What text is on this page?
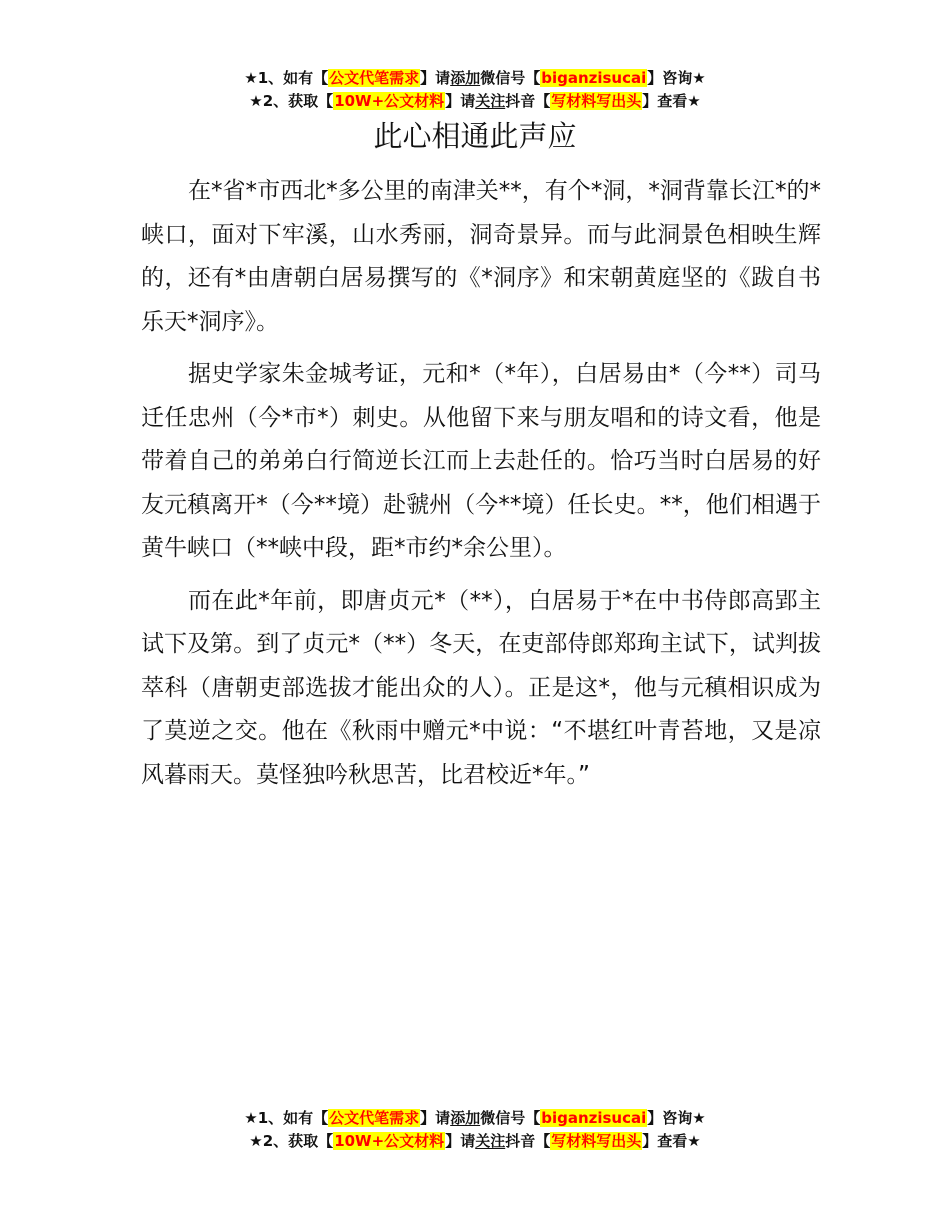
★1、如有【公文代笔需求】请添加微信号【biganzisucai】咨询★
★2、获取【10W+公文材料】请关注抖音【写材料写出头】查看★
此心相通此声应

在*省*市西北*多公里的南津关**，有个*洞，*洞背靠长江*的*峡口，面对下牢溪，山水秀丽，洞奇景异。而与此洞景色相映生辉的，还有*由唐朝白居易撰写的《*洞序》和宋朝黄庭坚的《跋自书乐天*洞序》。

据史学家朱金城考证，元和*（*年），白居易由*（今**）司马迁任忠州（今*市*）刺史。从他留下来与朋友唱和的诗文看，他是带着自己的弟弟白行简逆长江而上去赴任的。恰巧当时白居易的好友元稹离开*（今**境）赴虢州（今**境）任长史。**，他们相遇于黄牛峡口（**峡中段，距*市约*余公里）。

而在此*年前，即唐贞元*（**），白居易于*在中书侍郎高郢主试下及第。到了贞元*（**）冬天，在吏部侍郎郑珣主试下，试判拔萃科（唐朝吏部选拔才能出众的人）。正是这*，他与元稹相识成为了莫逆之交。他在《秋雨中赠元*中说：“不堪红叶青苔地，又是凉风暮雨天。莫怪独吟秋思苦，比君校近*年。”

★1、如有【公文代笔需求】请添加微信号【biganzisucai】咨询★
★2、获取【10W+公文材料】请关注抖音【写材料写出头】查看★
